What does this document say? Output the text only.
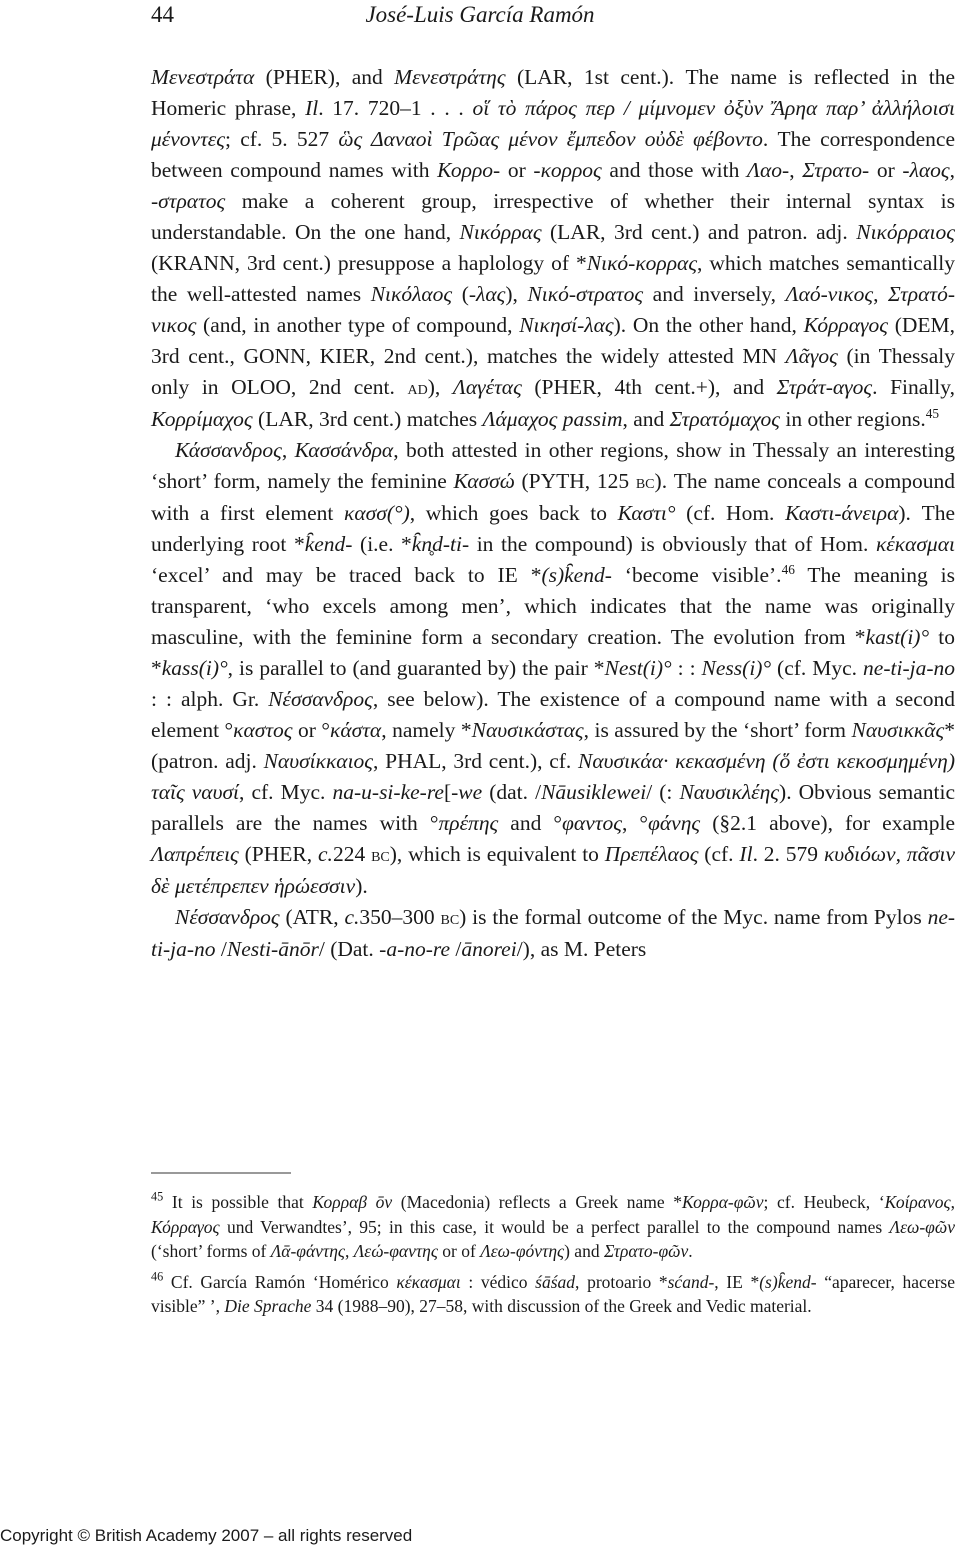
44	José-Luis García Ramón

Μενεστράτα (PHER), and Μενεστράτης (LAR, 1st cent.). The name is reflected in the Homeric phrase, Il. 17. 720–1 . . . οἵ τὸ πάρος περ / μίμνομεν ὀξὺν Ἄρηα παρ’ ἀλλήλοισι μένοντες; cf. 5. 527 ὣς Δαναοὶ Τρῶας μένον ἔμπεδον οὐδὲ φέβοντο. The correspondence between compound names with Κορρο- or -κορρος and those with Λαο-, Στρατο- or -λαος, -στρατος make a coherent group, irrespective of whether their internal syntax is understandable. On the one hand, Νικόρρας (LAR, 3rd cent.) and patron. adj. Νικόρραιος (KRANN, 3rd cent.) presuppose a haplology of *Νικό-κορρας, which matches semantically the well-attested names Νικόλαος (-λας), Νικό-στρατος and inversely, Λαό-νικος, Στρατό-νικος (and, in another type of compound, Νικησί-λας). On the other hand, Κόρραγος (DEM, 3rd cent., GONN, KIER, 2nd cent.), matches the widely attested MN Λᾶγος (in Thessaly only in OLOO, 2nd cent. ad), Λαγέτας (PHER, 4th cent.+), and Στράτ-αγος. Finally, Κορρίμαχος (LAR, 3rd cent.) matches Λάμαχος passim, and Στρατόμαχος in other regions.$^{45}$

Κάσσανδρος, Κασσάνδρα, both attested in other regions, show in Thessaly an interesting ‘short’ form, namely the feminine Κασσώ (PYTH, 125 bc). The name conceals a compound with a first element κασσ(°), which goes back to Καστι° (cf. Hom. Καστι-άνειρα). The underlying root *k̑end- (i.e. *k̑n̥d-ti- in the compound) is obviously that of Hom. κέκασμαι ‘excel’ and may be traced back to IE *(s)k̑end- ‘become visible’.$^{46}$ The meaning is transparent, ‘who excels among men’, which indicates that the name was originally masculine, with the feminine form a secondary creation. The evolution from *kast(i)° to *kass(i)°, is parallel to (and guaranted by) the pair *Nest(i)° : : Ness(i)° (cf. Myc. ne-ti-ja-no : : alph. Gr. Νέσσανδρος, see below). The existence of a compound name with a second element °καστος or °κάστα, namely *Ναυσικάστας, is assured by the ‘short’ form Ναυσικκᾶς* (patron. adj. Ναυσίκκαιος, PHAL, 3rd cent.), cf. Ναυσικάα· κεκασμένη (ὅ ἐστι κεκοσμημένη) ταῖς ναυσί, cf. Myc. na-u-si-ke-re[-we (dat. /Nāusiklewei/ (: Ναυσικλέης). Obvious semantic parallels are the names with °πρέπης and °φαντος, °φάνης (§2.1 above), for example Λαπρέπεις (PHER, c.224 bc), which is equivalent to Πρεπέλαος (cf. Il. 2. 579 κυδιόων, πᾶσιν δὲ μετέπρεπεν ἡρώεσσιν).

Νέσσανδρος (ATR, c.350–300 bc) is the formal outcome of the Myc. name from Pylos ne-ti-ja-no /Nesti-ānōr/ (Dat. -a-no-re /ānorei/), as M. Peters

$^{45}$ It is possible that Κορραβ ōν (Macedonia) reflects a Greek name *Κορρα-φῶν; cf. Heubeck, ‘Κοίρανος, Κόρραγος und Verwandtes’, 95; in this case, it would be a perfect parallel to the compound names Λεω-φῶν (‘short’ forms of Λᾱ-φάντης, Λεώ-φαντης or of Λεω-φόντης) and Στρατο-φῶν.

$^{46}$ Cf. García Ramón ‘Homérico κέκασμαι : védico śāśad, protoario *sćand-, IE *(s)k̑end- “aparecer, hacerse visible” ’, Die Sprache 34 (1988–90), 27–58, with discussion of the Greek and Vedic material.

Copyright © British Academy 2007 – all rights reserved
